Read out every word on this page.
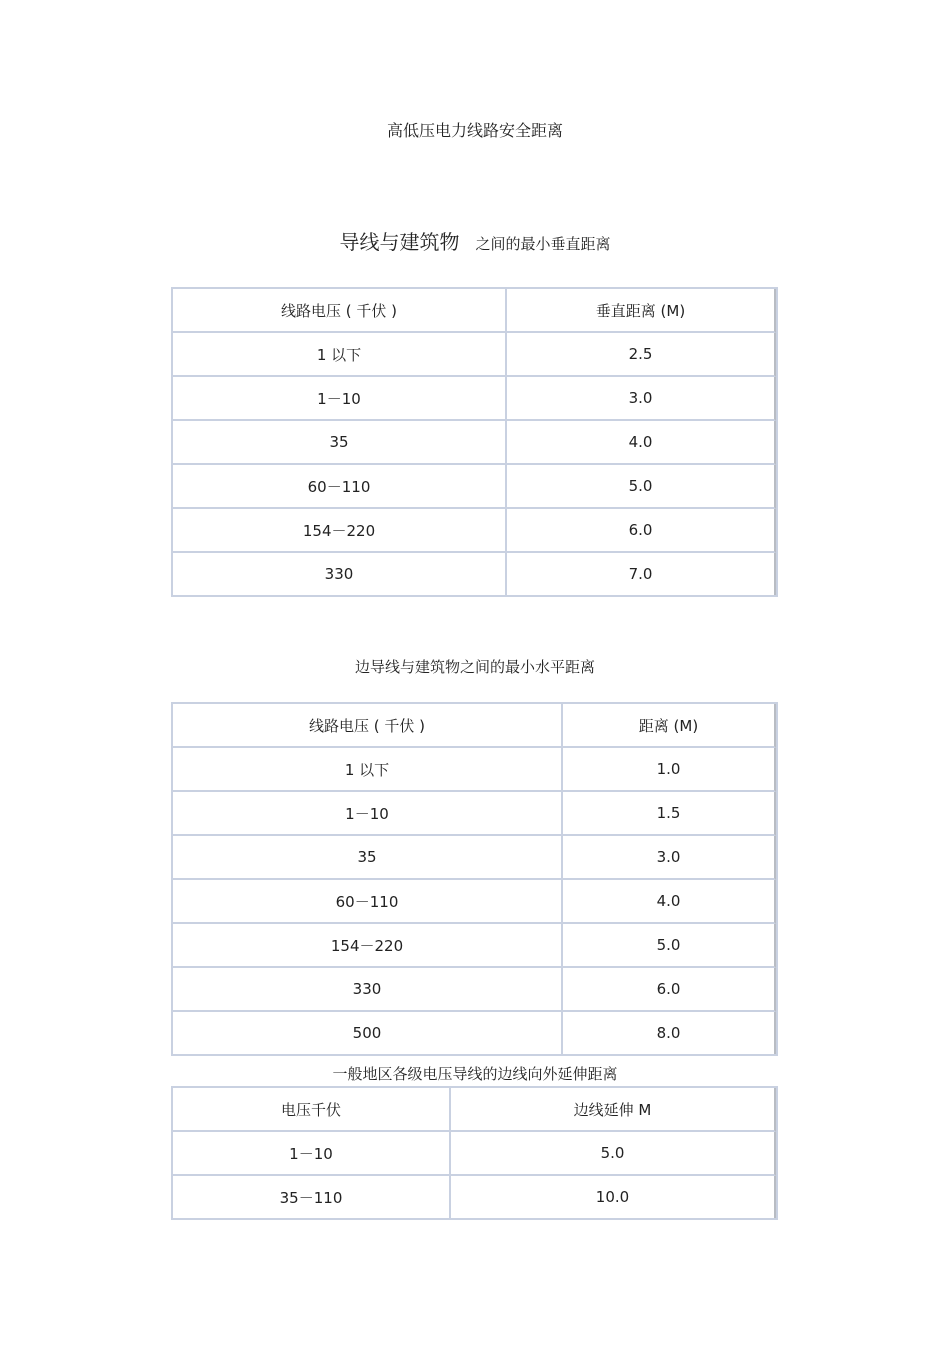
高低压电力线路安全距离
导线与建筑物 之间的最小垂直距离
线路电压 ( 千伏 )	垂直距离 (M)
1 以下	2.5
1－10	3.0
35	4.0
60－110	5.0
154－220	6.0
330	7.0
边导线与建筑物之间的最小水平距离
线路电压 ( 千伏 )	距离 (M)
1 以下	1.0
1－10	1.5
35	3.0
60－110	4.0
154－220	5.0
330	6.0
500	8.0
一般地区各级电压导线的边线向外延伸距离
电压千伏	边线延伸 M
1－10	5.0
35－110	10.0
